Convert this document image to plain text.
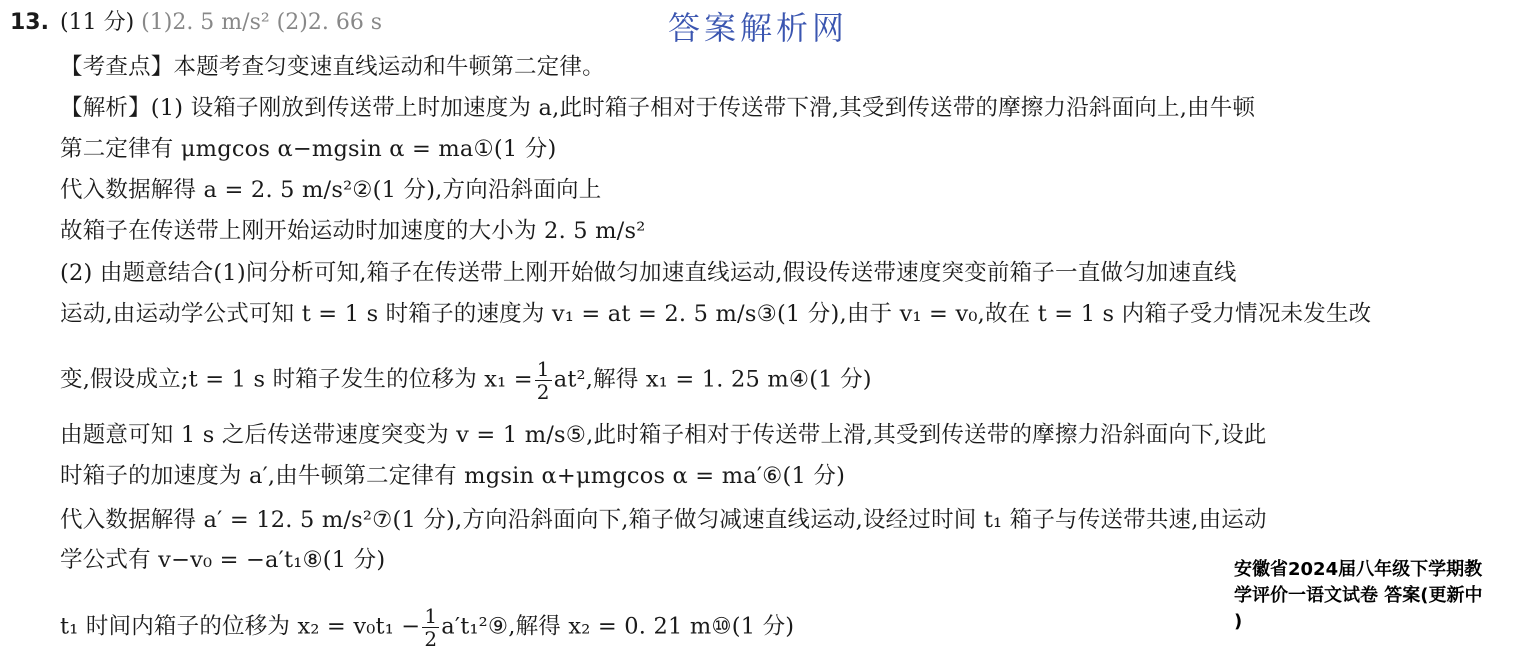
13. (11 分) (1)2. 5 m/s² (2)2. 66 s	答案解析网
【考查点】本题考查匀变速直线运动和牛顿第二定律。
【解析】(1) 设箱子刚放到传送带上时加速度为 a,此时箱子相对于传送带下滑,其受到传送带的摩擦力沿斜面向上,由牛顿
第二定律有 μmgcos α−mgsin α = ma①(1 分)
代入数据解得 a = 2. 5 m/s²②(1 分),方向沿斜面向上
故箱子在传送带上刚开始运动时加速度的大小为 2. 5 m/s²
(2) 由题意结合(1)问分析可知,箱子在传送带上刚开始做匀加速直线运动,假设传送带速度突变前箱子一直做匀加速直线
运动,由运动学公式可知 t = 1 s 时箱子的速度为 v₁ = at = 2. 5 m/s③(1 分),由于 v₁ = v₀,故在 t = 1 s 内箱子受力情况未发生改
变,假设成立;t = 1 s 时箱子发生的位移为 $x_1 = \frac{1}{2} at^2$,解得 x₁ = 1. 25 m④(1 分)
由题意可知 1 s 之后传送带速度突变为 v = 1 m/s⑤,此时箱子相对于传送带上滑,其受到传送带的摩擦力沿斜面向下,设此
时箱子的加速度为 a′,由牛顿第二定律有 mgsin α+μmgcos α = ma′⑥(1 分)
代入数据解得 a′ = 12. 5 m/s²⑦(1 分),方向沿斜面向下,箱子做匀减速直线运动,设经过时间 t₁ 箱子与传送带共速,由运动
学公式有 v−v₀ = −a′t₁⑧(1 分)
t₁ 时间内箱子的位移为 $x_2 = v_0t_1 - \frac{1}{2}$ a′t₁²⑨,解得 x₂ = 0. 21 m⑩(1 分)
安徽省2024届八年级下学期教
学评价一语文试卷 答案(更新中
)
